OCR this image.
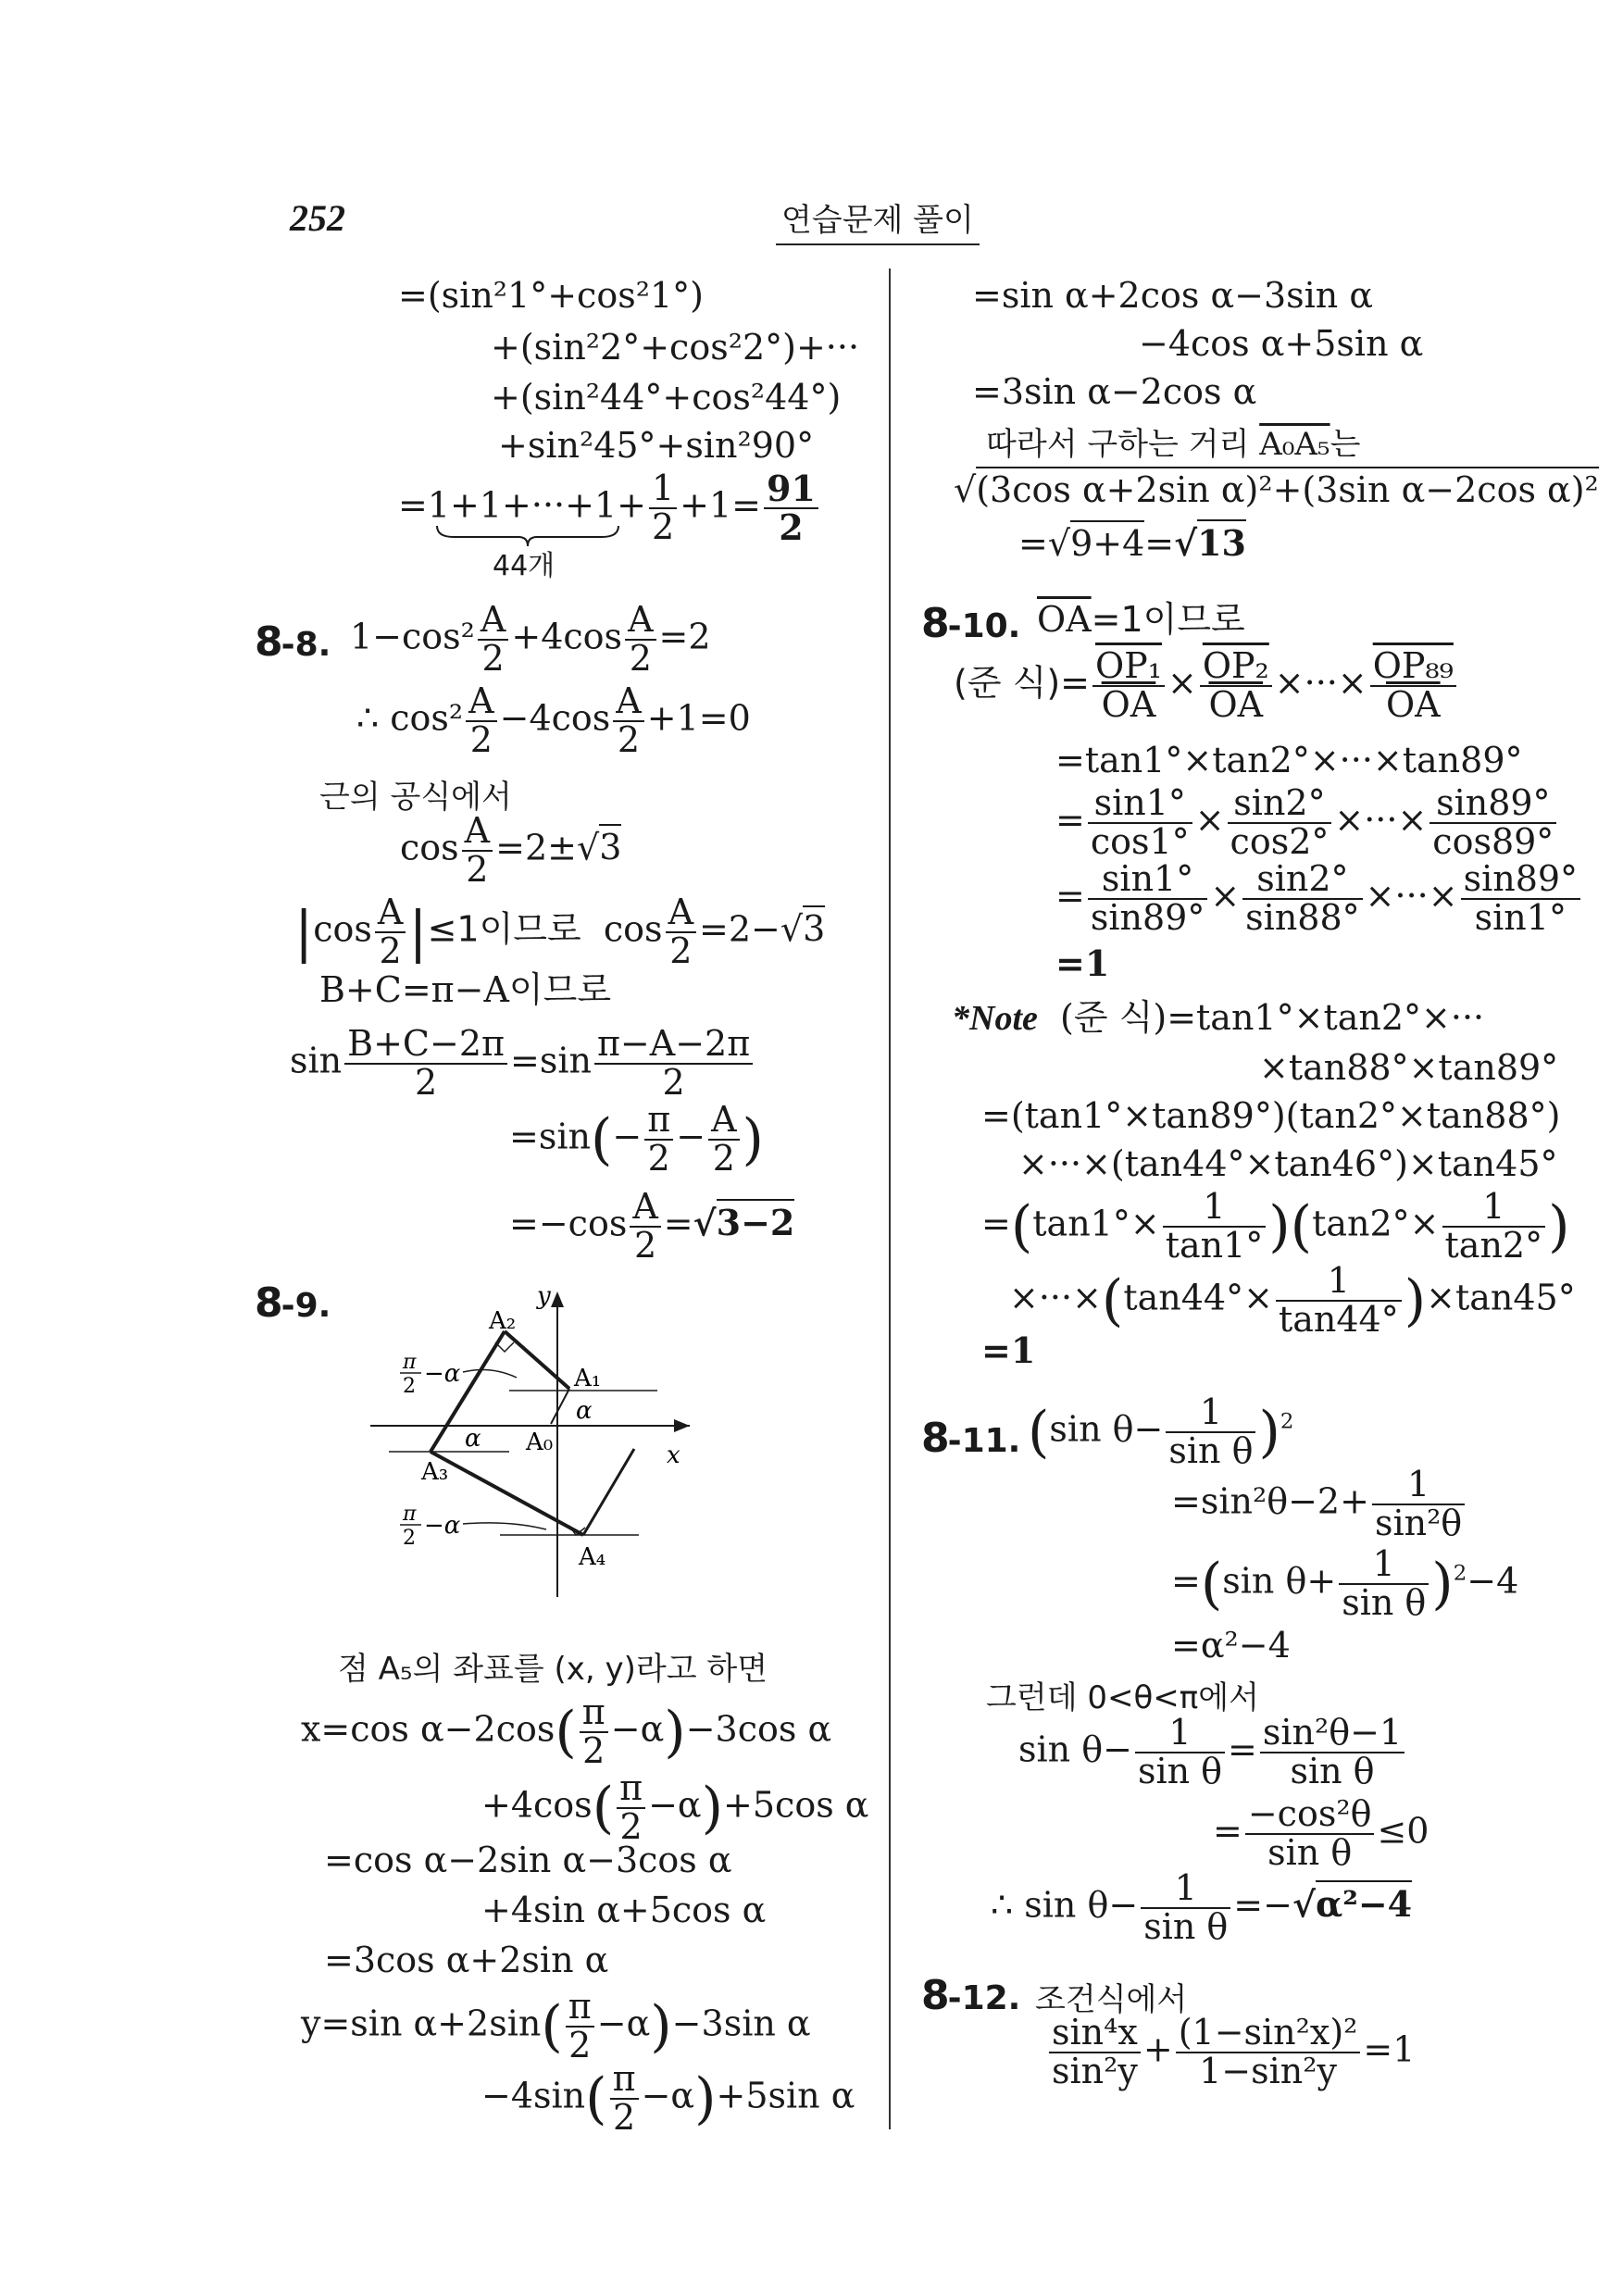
252	연습문제 풀이
=(sin²1°+cos²1°)
+(sin²2°+cos²2°)+···
+(sin²44°+cos²44°)
+sin²45°+sin²90°
$=1+1+\cdot\cdot\cdot+1+ \frac{1}{2} +1= \frac{91}{2}$
44개
8-8. $1-\cos^2 \frac{A}{2} +4\cos \frac{A}{2} =2$
∴ $\cos^2 \frac{A}{2} -4\cos \frac{A}{2} +1=0$
근의 공식에서
$\cos \frac{A}{2} =2\pm√3$
$|\cos \frac{A}{2} |\le 1$이므로 $\cos \frac{A}{2} =2-√3$
B+C=π−A이므로
$\sin \frac{B+C-2\pi}{2} =\sin \frac{\pi-A-2\pi}{2}$
$=\sin(- \frac{\pi}{2} - \frac{A}{2}$ )
$=-\cos \frac{A}{2} =√3-2$
8-9.	y
x
A₂
A₁
A₀
A₃
A₄
α
α
π
2 −α
π
2 −α
점 A₅의 좌표를 (x, y)라고 하면
x=cos $\alpha-2\cos( \frac{\pi}{2} -\alpha)-3\cos$ α
$+4\cos( \frac{\pi}{2} -\alpha)+5\cos$ α
=cos α−2sin α−3cos α
+4sin α+5cos α
=3cos α+2sin α
y=sin $\alpha+2\sin( \frac{\pi}{2} -\alpha)-3\sin$ α
$-4\sin( \frac{\pi}{2} -\alpha)+5\sin$ α
=sin α+2cos α−3sin α
−4cos α+5sin α
=3sin α−2cos α
따라서 구하는 거리 A₀A₅는
√(3cos α+2sin α)²+(3sin α−2cos α)²
=√9+4=√13
8-10. $\overline{OA}=1$이므로
(준 식)= $\frac{\text{OP₁}}{OA} \times \frac{\text{OP₂}}{OA}$ ×···× $\frac{\text{OP₈₉}}{OA}$
=tan1°×tan2°×···×tan89°
= $\frac{\sin 1^\circ}{\cos 1^\circ} \times \frac{\sin 2^\circ}{\cos 2^\circ}$ ×···× $\frac{\sin 89^\circ}{\cos 89^\circ}$
= $\frac{\sin 1^\circ}{\sin 89^\circ} \times \frac{\sin 2^\circ}{\sin 88^\circ}$ ×···× $\frac{\sin 89^\circ}{\sin 1^\circ}$
=1
*Note (준 식)=tan1°×tan2°×···
×tan88°×tan89°
=(tan1°×tan89°)(tan2°×tan88°)
×···×(tan44°×tan46°)×tan45°
$=(\tan 1^\circ\times \frac{1}{\tan 1^\circ} )(\tan 2^\circ\times \frac{1}{\tan 2^\circ}$ )
$\times\cdot\cdot\cdot\times(\tan 44^\circ\times \frac{1}{\tan 44^\circ} )\times\tan 45^\circ$
=1
8-11. (sin $\theta- \frac{1}{\text{sin θ}} )^2$
$=\sin^2\theta-2+ \frac{1}{\text{sin²θ}}$
=(sin $\theta+ \frac{1}{\text{sin θ}} )^2-4$
=α²−4
그런데 0<θ<π에서
$\sin \theta- \frac{1}{\text{sin θ}} = \frac{\text{sin²θ−1}}{\text{sin θ}}$
= $\frac{\text{−cos²θ}}{\text{sin θ}} \le 0$
∴ $\sin \theta- \frac{1}{\text{sin θ}} =-√\alpha^2-4$
8-12. 조건식에서
$\frac{\text{sin⁴x}}{\text{sin²y}} + \frac{\text{(1−sin²x)²}}{\text{1−sin²y}} =1$
